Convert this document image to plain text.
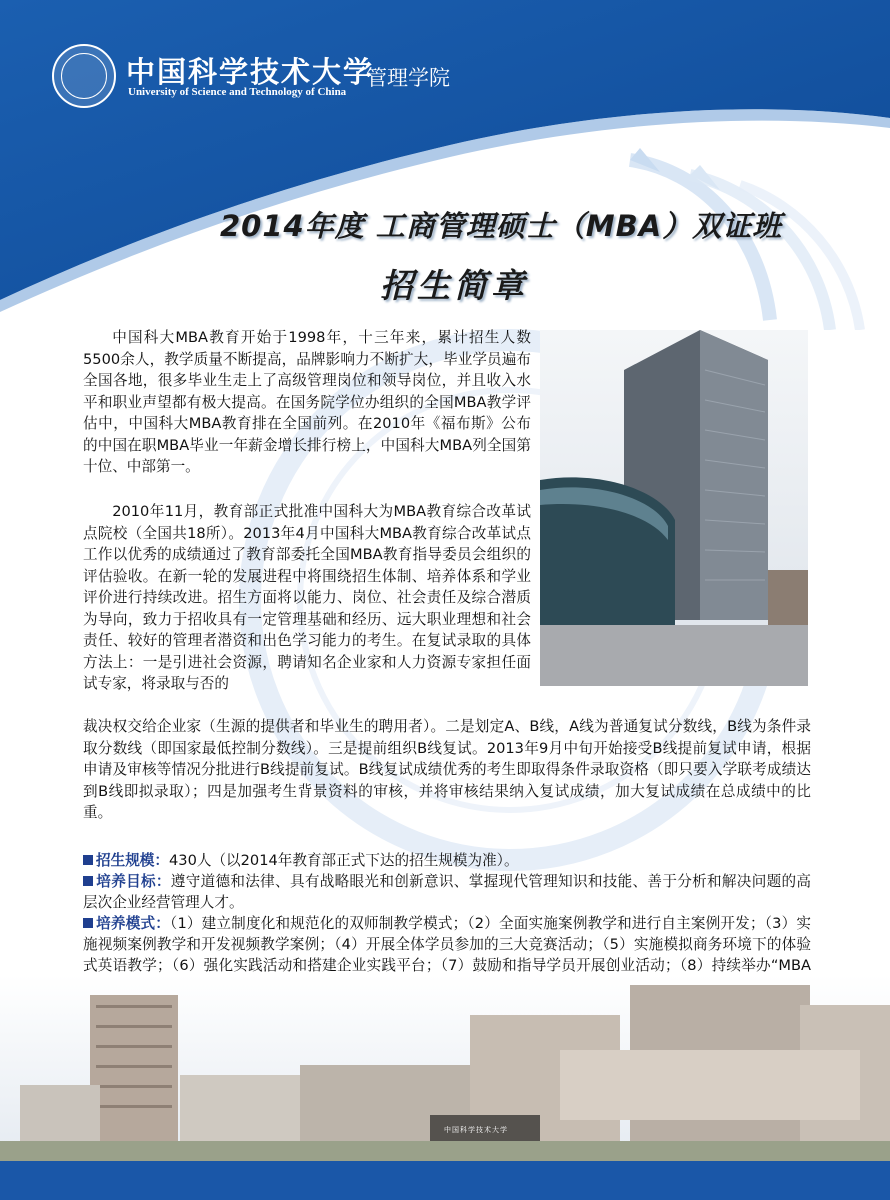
中国科学技术大学
University of Science and Technology of China
管理学院
2014年度 工商管理硕士（MBA）双证班
招生简章
中国科大MBA教育开始于1998年，十三年来，累计招生人数5500余人，教学质量不断提高，品牌影响力不断扩大，毕业学员遍布全国各地，很多毕业生走上了高级管理岗位和领导岗位，并且收入水平和职业声望都有极大提高。在国务院学位办组织的全国MBA教学评估中，中国科大MBA教育排在全国前列。在2010年《福布斯》公布的中国在职MBA毕业一年薪金增长排行榜上，中国科大MBA列全国第十位、中部第一。
2010年11月，教育部正式批准中国科大为MBA教育综合改革试点院校（全国共18所）。2013年4月中国科大MBA教育综合改革试点工作以优秀的成绩通过了教育部委托全国MBA教育指导委员会组织的评估验收。在新一轮的发展进程中将围绕招生体制、培养体系和学业评价进行持续改进。招生方面将以能力、岗位、社会责任及综合潜质为导向，致力于招收具有一定管理基础和经历、远大职业理想和社会责任、较好的管理者潜资和出色学习能力的考生。在复试录取的具体方法上：一是引进社会资源，聘请知名企业家和人力资源专家担任面试专家，将录取与否的
裁决权交给企业家（生源的提供者和毕业生的聘用者）。二是划定A、B线，A线为普通复试分数线，B线为条件录取分数线（即国家最低控制分数线）。三是提前组织B线复试。2013年9月中旬开始接受B线提前复试申请，根据申请及审核等情况分批进行B线提前复试。B线复试成绩优秀的考生即取得条件录取资格（即只要入学联考成绩达到B线即拟录取）；四是加强考生背景资料的审核，并将审核结果纳入复试成绩，加大复试成绩在总成绩中的比重。
招生规模：430人（以2014年教育部正式下达的招生规模为准）。
培养目标：遵守道德和法律、具有战略眼光和创新意识、掌握现代管理知识和技能、善于分析和解决问题的高层次企业经营管理人才。
培养模式：（1）建立制度化和规范化的双师制教学模式；（2）全面实施案例教学和进行自主案例开发；（3）实施视频案例教学和开发视频教学案例；（4）开展全体学员参加的三大竞赛活动；（5）实施模拟商务环境下的体验式英语教学；（6）强化实践活动和搭建企业实践平台；（7）鼓励和指导学员开展创业活动；（8）持续举办“MBA
中国科学技术大学
